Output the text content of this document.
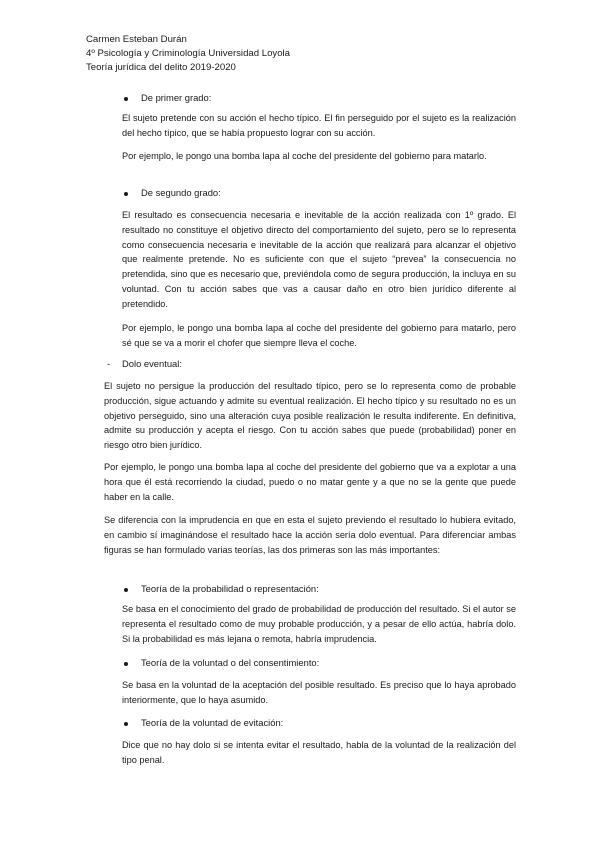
Carmen Esteban Durán
4º Psicología y Criminología Universidad Loyola
Teoría jurídica del delito 2019-2020
De primer grado:
El sujeto pretende con su acción el hecho típico. El fin perseguido por el sujeto es la realización del hecho típico, que se había propuesto lograr con su acción.
Por ejemplo, le pongo una bomba lapa al coche del presidente del gobierno para matarlo.
De segundo grado:
El resultado es consecuencia necesaria e inevitable de la acción realizada con 1º grado. El resultado no constituye el objetivo directo del comportamiento del sujeto, pero se lo representa como consecuencia necesaria e inevitable de la acción que realizará para alcanzar el objetivo que realmente pretende. No es suficiente con que el sujeto “prevea” la consecuencia no pretendida, sino que es necesario que, previéndola como de segura producción, la incluya en su voluntad. Con tu acción sabes que vas a causar daño en otro bien jurídico diferente al pretendido.
Por ejemplo, le pongo una bomba lapa al coche del presidente del gobierno para matarlo, pero sé que se va a morir el chofer que siempre lleva el coche.
- Dolo eventual:
El sujeto no persigue la producción del resultado típico, pero se lo representa como de probable producción, sigue actuando y admite su eventual realización. El hecho típico y su resultado no es un objetivo perseguido, sino una alteración cuya posible realización le resulta indiferente. En definitiva, admite su producción y acepta el riesgo. Con tu acción sabes que puede (probabilidad) poner en riesgo otro bien jurídico.
Por ejemplo, le pongo una bomba lapa al coche del presidente del gobierno que va a explotar a una hora que él está recorriendo la ciudad, puedo o no matar gente y a que no se la gente que puede haber en la calle.
Se diferencia con la imprudencia en que en esta el sujeto previendo el resultado lo hubiera evitado, en cambio sí imaginándose el resultado hace la acción sería dolo eventual. Para diferenciar ambas figuras se han formulado varias teorías, las dos primeras son las más importantes:
Teoría de la probabilidad o representación:
Se basa en el conocimiento del grado de probabilidad de producción del resultado. Si el autor se representa el resultado como de muy probable producción, y a pesar de ello actúa, habría dolo. Si la probabilidad es más lejana o remota, habría imprudencia.
Teoría de la voluntad o del consentimiento:
Se basa en la voluntad de la aceptación del posible resultado. Es preciso que lo haya aprobado interiormente, que lo haya asumido.
Teoría de la voluntad de evitación:
Dice que no hay dolo si se intenta evitar el resultado, habla de la voluntad de la realización del tipo penal.
